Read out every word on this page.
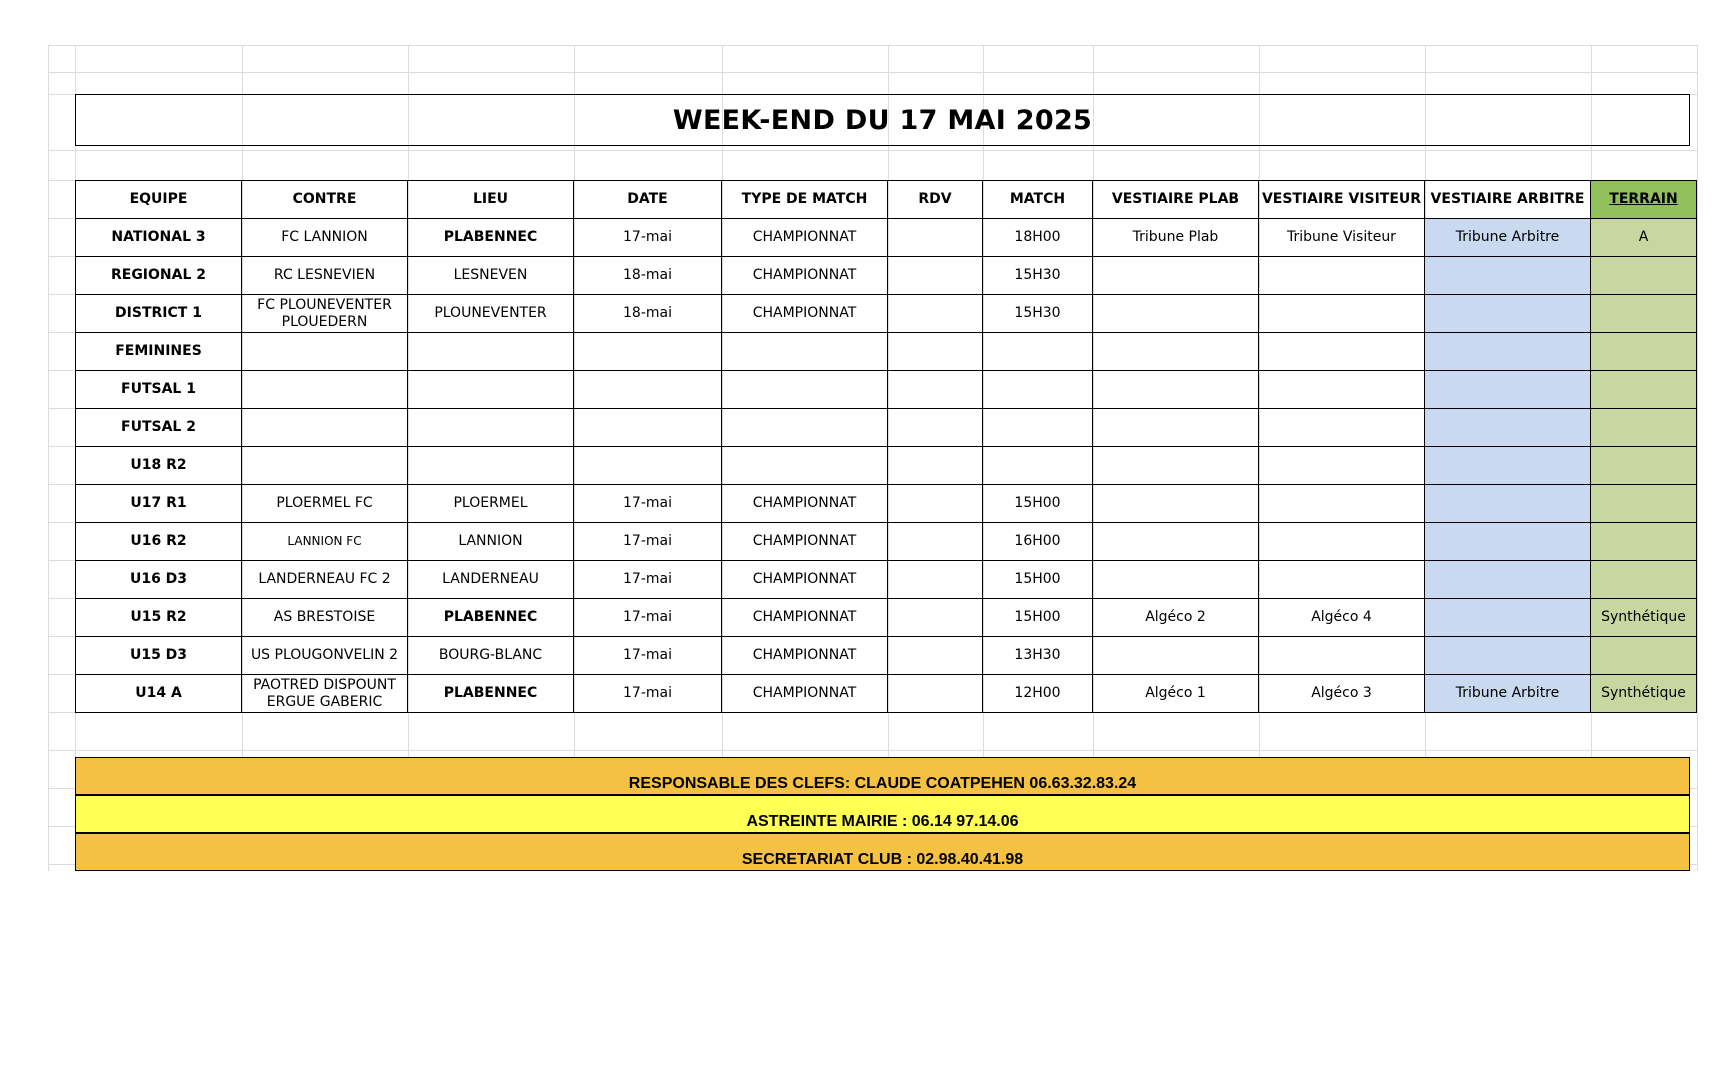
WEEK-END DU 17 MAI 2025
EQUIPE	CONTRE	LIEU	DATE	TYPE DE MATCH	RDV	MATCH	VESTIAIRE PLAB	VESTIAIRE VISITEUR	VESTIAIRE ARBITRE	TERRAIN
NATIONAL 3	FC LANNION	PLABENNEC	17-mai	CHAMPIONNAT		18H00	Tribune Plab	Tribune Visiteur	Tribune Arbitre	A
REGIONAL 2	RC LESNEVIEN	LESNEVEN	18-mai	CHAMPIONNAT		15H30				
DISTRICT 1	FC PLOUNEVENTER PLOUEDERN	PLOUNEVENTER	18-mai	CHAMPIONNAT		15H30				
FEMININES										
FUTSAL 1										
FUTSAL 2										
U18 R2										
U17 R1	PLOERMEL FC	PLOERMEL	17-mai	CHAMPIONNAT		15H00				
U16 R2	LANNION FC	LANNION	17-mai	CHAMPIONNAT		16H00				
U16 D3	LANDERNEAU FC 2	LANDERNEAU	17-mai	CHAMPIONNAT		15H00				
U15 R2	AS BRESTOISE	PLABENNEC	17-mai	CHAMPIONNAT		15H00	Algéco 2	Algéco 4		Synthétique
U15 D3	US PLOUGONVELIN 2	BOURG-BLANC	17-mai	CHAMPIONNAT		13H30				
U14 A	PAOTRED DISPOUNT ERGUE GABERIC	PLABENNEC	17-mai	CHAMPIONNAT		12H00	Algéco 1	Algéco 3	Tribune Arbitre	Synthétique
RESPONSABLE DES CLEFS: CLAUDE COATPEHEN 06.63.32.83.24
ASTREINTE MAIRIE : 06.14 97.14.06
SECRETARIAT CLUB : 02.98.40.41.98
